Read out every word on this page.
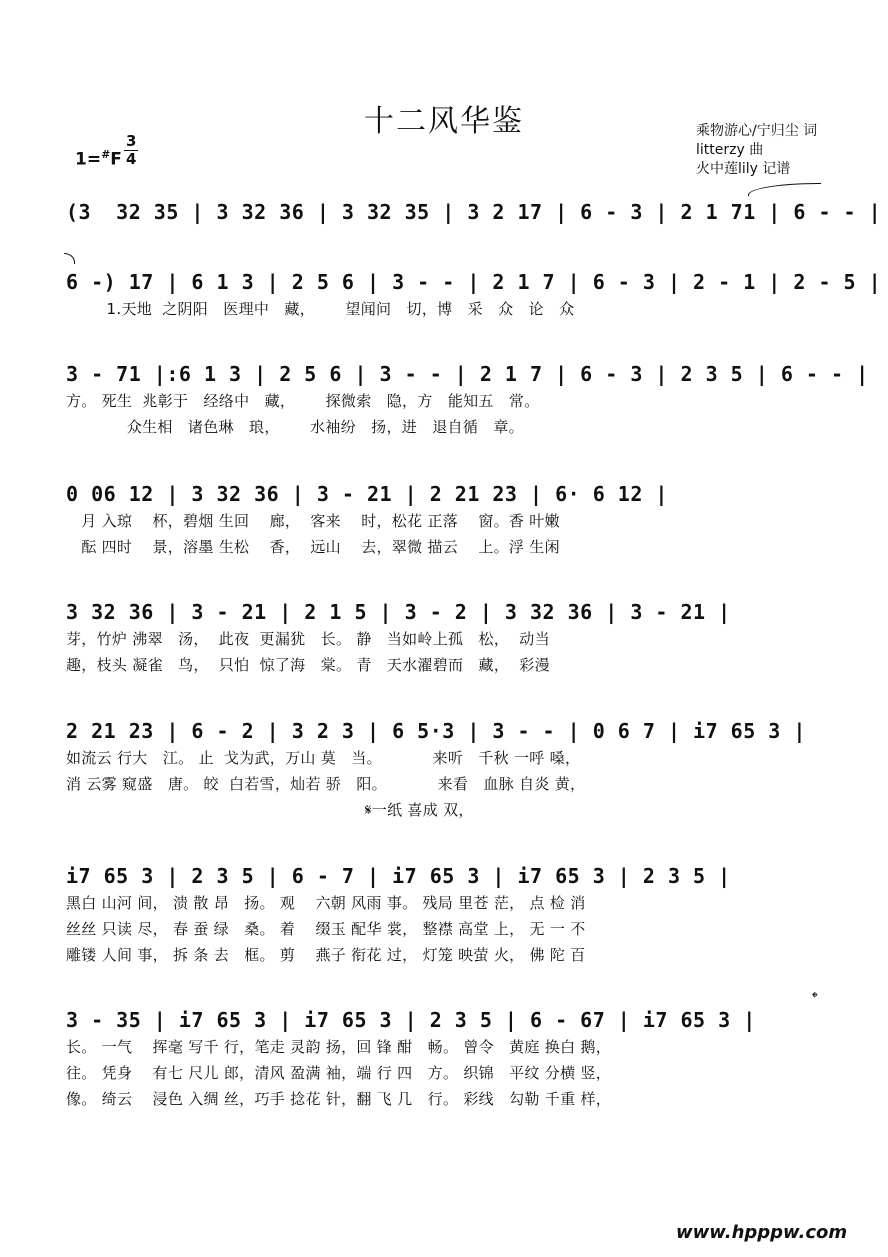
十二风华鉴	乘物游心/宁归尘 词
litterzy 曲
火中莲lily 记谱
$1=^{\#}F \frac{3}{4}$
(3  32 35 | 3 32 36 | 3 32 35 | 3 2 17 | 6 - 3 | 2 1 71 | 6 - - |
6 -) 17 | 6 1 3 | 2 5 6 | 3 - - | 2 1 7 | 6 - 3 | 2 - 1 | 2 - 5 |
1.天地  之阴阳   医理中   藏，      望闻问   切，博   采   众   论   众
3 - 71 |:6 1 3 | 2 5 6 | 3 - - | 2 1 7 | 6 - 3 | 2 3 5 | 6 - - |
方。 死生  兆彰于   经络中   藏，      探微索   隐，方   能知五   常。
众生相   诸色琳   琅，      水袖纷   扬，进   退自循   章。
0 06 12 | 3 32 36 | 3 - 21 | 2 21 23 | 6· 6 12 |
月 入琼    杯，碧烟 生回    廊，  客来    时，松花 正落    窗。香 叶嫩
酝 四时    景，溶墨 生松    香，  远山    去，翠微 描云    上。浮 生闲
3 32 36 | 3 - 21 | 2 1 5 | 3 - 2 | 3 32 36 | 3 - 21 |
芽，竹炉 沸翠   汤，  此夜  更漏犹   长。 静   当如岭上孤   松，  动当
趣，枝头 凝雀   鸟，  只怕  惊了海   棠。 青   天水濯碧而   藏，  彩漫
2 21 23 | 6 - 2 | 3 2 3 | 6 5·3 | 3 - - | 0 6 7 | i7 65 3 |
如流云 行大   江。 止  戈为武，万山 莫   当。          来听   千秋 一呼 嗓，
消 云雾 窥盛   唐。 皎  白若雪，灿若 骄   阳。          来看   血脉 自炎 黄，
𝄋一纸 喜成 双，
i7 65 3 | 2 3 5 | 6 - 7 | i7 65 3 | i7 65 3 | 2 3 5 |
黑白 山河 间， 溃 散 昂   扬。 观    六朝 风雨 事。 残局 里苍 茫， 点 检 消
丝丝 只读 尽， 春 蚕 绿   桑。 着    缀玉 配华 裳， 整襟 高堂 上， 无 一 不
雕镂 人间 事， 拆 条 去   框。 剪    燕子 衔花 过， 灯笼 映萤 火， 佛 陀 百
𝄌
3 - 35 | i7 65 3 | i7 65 3 | 2 3 5 | 6 - 67 | i7 65 3 |
长。 一气    挥毫 写千 行，笔走 灵韵 扬，回 锋 酣   畅。 曾令   黄庭 换白 鹅，
往。 凭身    有七 尺儿 郎，清风 盈满 袖，端 行 四   方。 织锦   平纹 分横 竖，
像。 绮云    浸色 入绸 丝，巧手 捻花 针，翻 飞 几   行。 彩线   勾勒 千重 样，
www.hpppw.com
